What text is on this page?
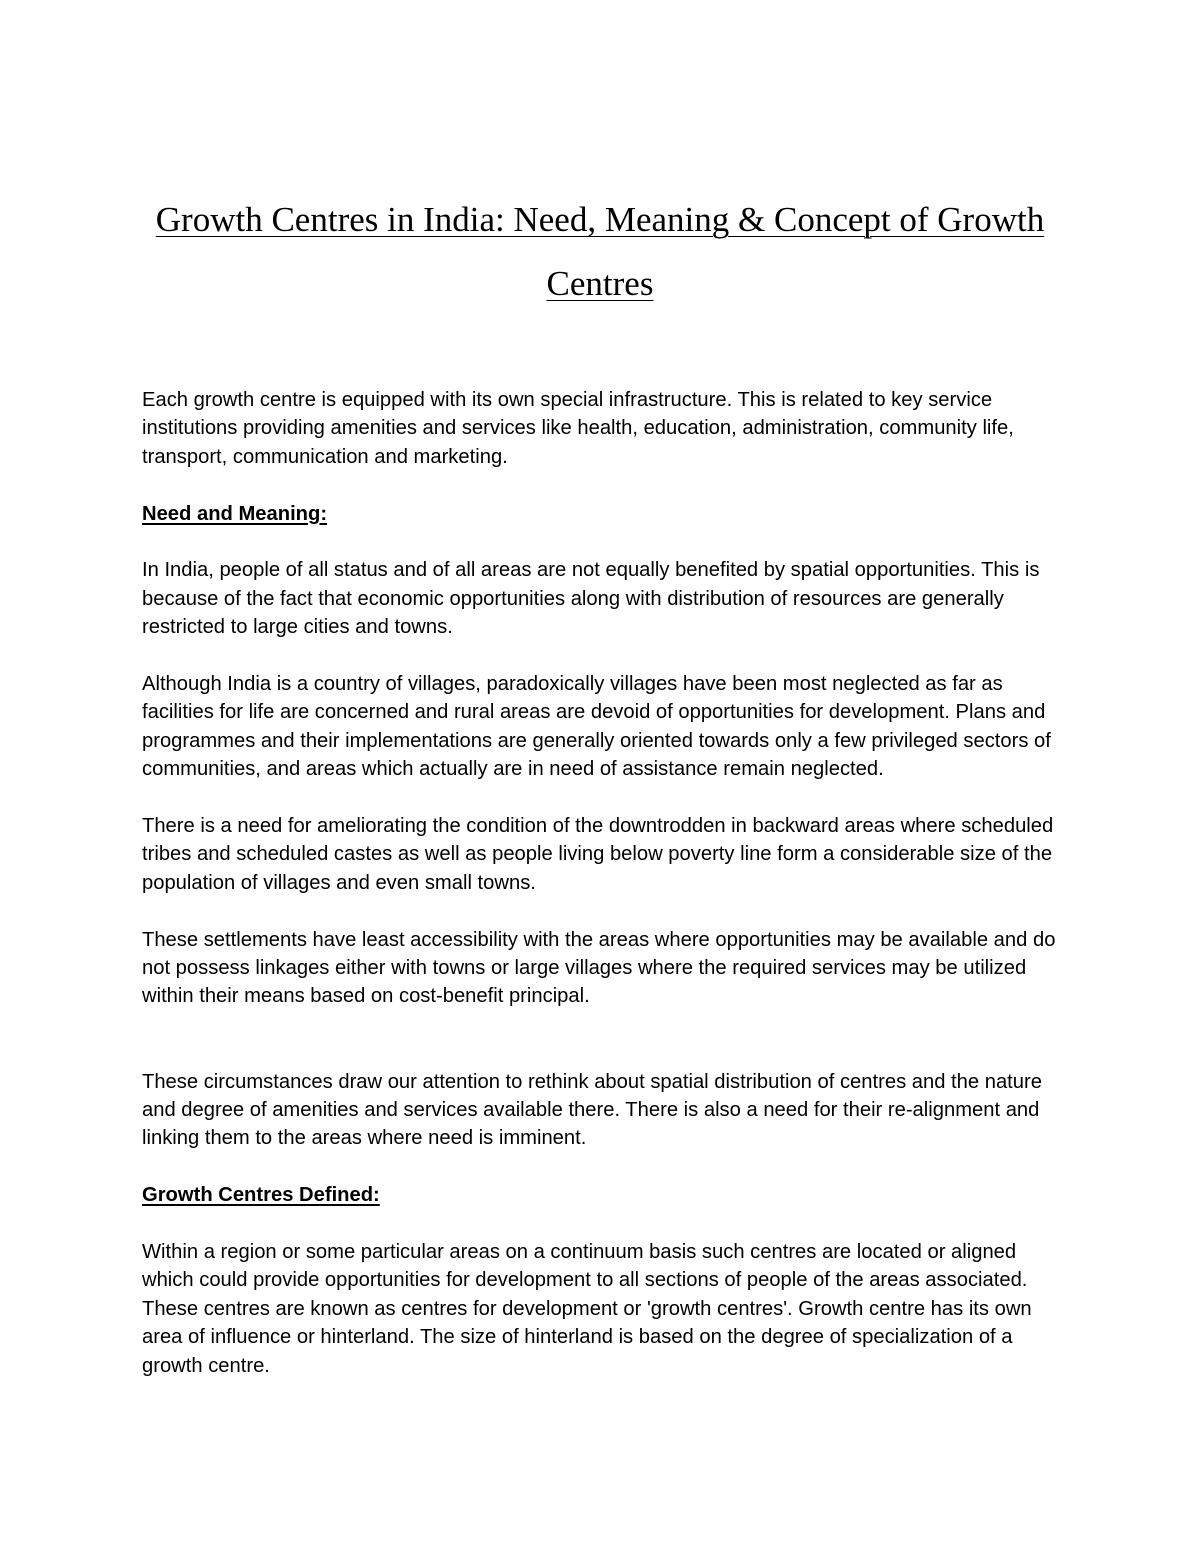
Growth Centres in India: Need, Meaning & Concept of Growth Centres

Each growth centre is equipped with its own special infrastructure. This is related to key service institutions providing amenities and services like health, education, administration, community life, transport, communication and marketing.

Need and Meaning:

In India, people of all status and of all areas are not equally benefited by spatial opportunities. This is because of the fact that economic opportunities along with distribution of resources are generally restricted to large cities and towns.

Although India is a country of villages, paradoxically villages have been most neglected as far as facilities for life are concerned and rural areas are devoid of opportunities for development. Plans and programmes and their implementations are generally oriented towards only a few privileged sectors of communities, and areas which actually are in need of assistance remain neglected.

There is a need for ameliorating the condition of the downtrodden in backward areas where scheduled tribes and scheduled castes as well as people living below poverty line form a considerable size of the population of villages and even small towns.

These settlements have least accessibility with the areas where opportunities may be available and do not possess linkages either with towns or large villages where the required services may be utilized within their means based on cost-benefit principal.

These circumstances draw our attention to rethink about spatial distribution of centres and the nature and degree of amenities and services available there. There is also a need for their re-alignment and linking them to the areas where need is imminent.

Growth Centres Defined:

Within a region or some particular areas on a continuum basis such centres are located or aligned which could provide opportunities for development to all sections of people of the areas associated. These centres are known as centres for development or 'growth centres'. Growth centre has its own area of influence or hinterland. The size of hinterland is based on the degree of specialization of a growth centre.
